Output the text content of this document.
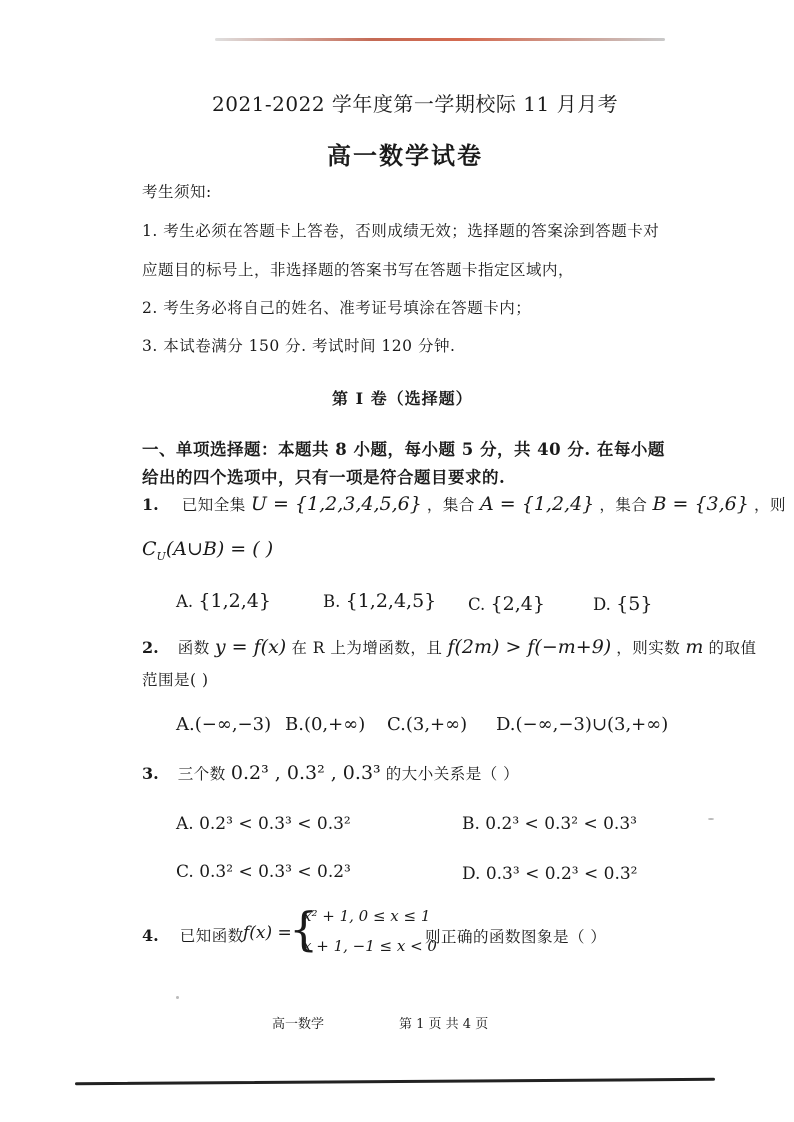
2021-2022 学年度第一学期校际 11 月月考
高一数学试卷
考生须知:
1. 考生必须在答题卡上答卷，否则成绩无效；选择题的答案涂到答题卡对
应题目的标号上，非选择题的答案书写在答题卡指定区域内，
2. 考生务必将自己的姓名、准考证号填涂在答题卡内；
3. 本试卷满分 150 分. 考试时间 120 分钟.
第 I 卷（选择题）
一、单项选择题：本题共 8 小题，每小题 5 分，共 40 分. 在每小题
给出的四个选项中，只有一项是符合题目要求的.
1. 已知全集 U = {1,2,3,4,5,6} ，集合 A = {1,2,4} ，集合 B = {3,6} ，则
$C_U(A\cup B)$ = ( )
A. {1,2,4}	B. {1,2,4,5} C. {2,4}	D. {5}
2. 函数 y = f(x) 在 R 上为增函数，且 f(2m) > f(−m+9) ，则实数 m 的取值
范围是( )
A.(−∞,−3) B.(0,+∞) C.(3,+∞) D.(−∞,−3)∪(3,+∞)
3. 三个数 0.2³ , 0.3² , 0.3³ 的大小关系是（ ）
A. 0.2³ < 0.3³ < 0.3²	B. 0.2³ < 0.3² < 0.3³
C. 0.3² < 0.3³ < 0.2³	D. 0.3³ < 0.2³ < 0.3²
4. 已知函数 f(x) =
{
x² + 1, 0 ≤ x ≤ 1
x + 1, −1 ≤ x < 0
则正确的函数图象是（ ）
高一数学	第 1 页 共 4 页
